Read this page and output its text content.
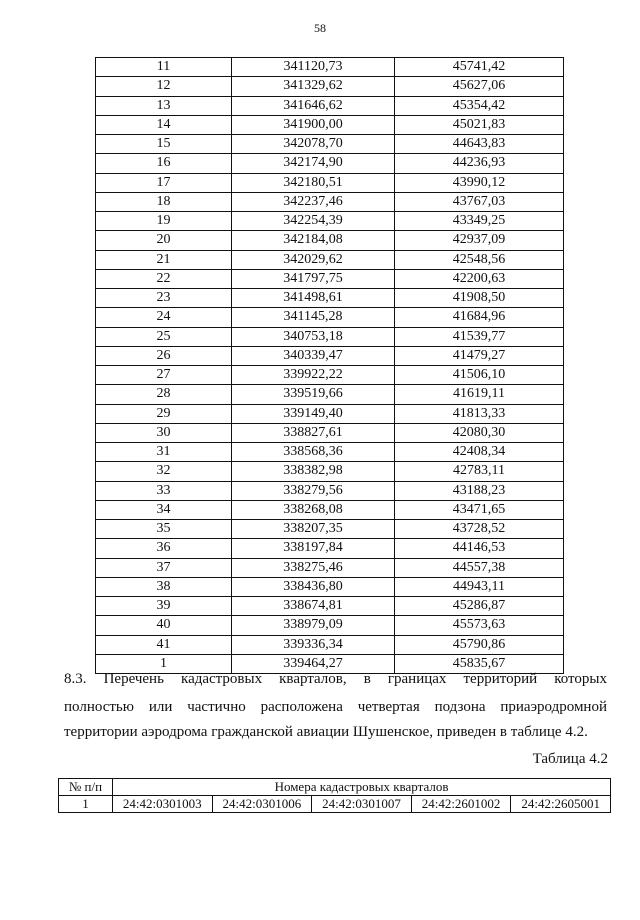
58
11	341120,73	45741,42
12	341329,62	45627,06
13	341646,62	45354,42
14	341900,00	45021,83
15	342078,70	44643,83
16	342174,90	44236,93
17	342180,51	43990,12
18	342237,46	43767,03
19	342254,39	43349,25
20	342184,08	42937,09
21	342029,62	42548,56
22	341797,75	42200,63
23	341498,61	41908,50
24	341145,28	41684,96
25	340753,18	41539,77
26	340339,47	41479,27
27	339922,22	41506,10
28	339519,66	41619,11
29	339149,40	41813,33
30	338827,61	42080,30
31	338568,36	42408,34
32	338382,98	42783,11
33	338279,56	43188,23
34	338268,08	43471,65
35	338207,35	43728,52
36	338197,84	44146,53
37	338275,46	44557,38
38	338436,80	44943,11
39	338674,81	45286,87
40	338979,09	45573,63
41	339336,34	45790,86
1	339464,27	45835,67
8.3. Перечень кадастровых кварталов, в границах территорий которых
полностью или частично расположена четвертая подзона приаэродромной
территории аэродрома гражданской авиации Шушенское, приведен в таблице 4.2.
Таблица 4.2
№ п/п	Номера кадастровых кварталов				
1	24:42:0301003	24:42:0301006	24:42:0301007	24:42:2601002	24:42:2605001
